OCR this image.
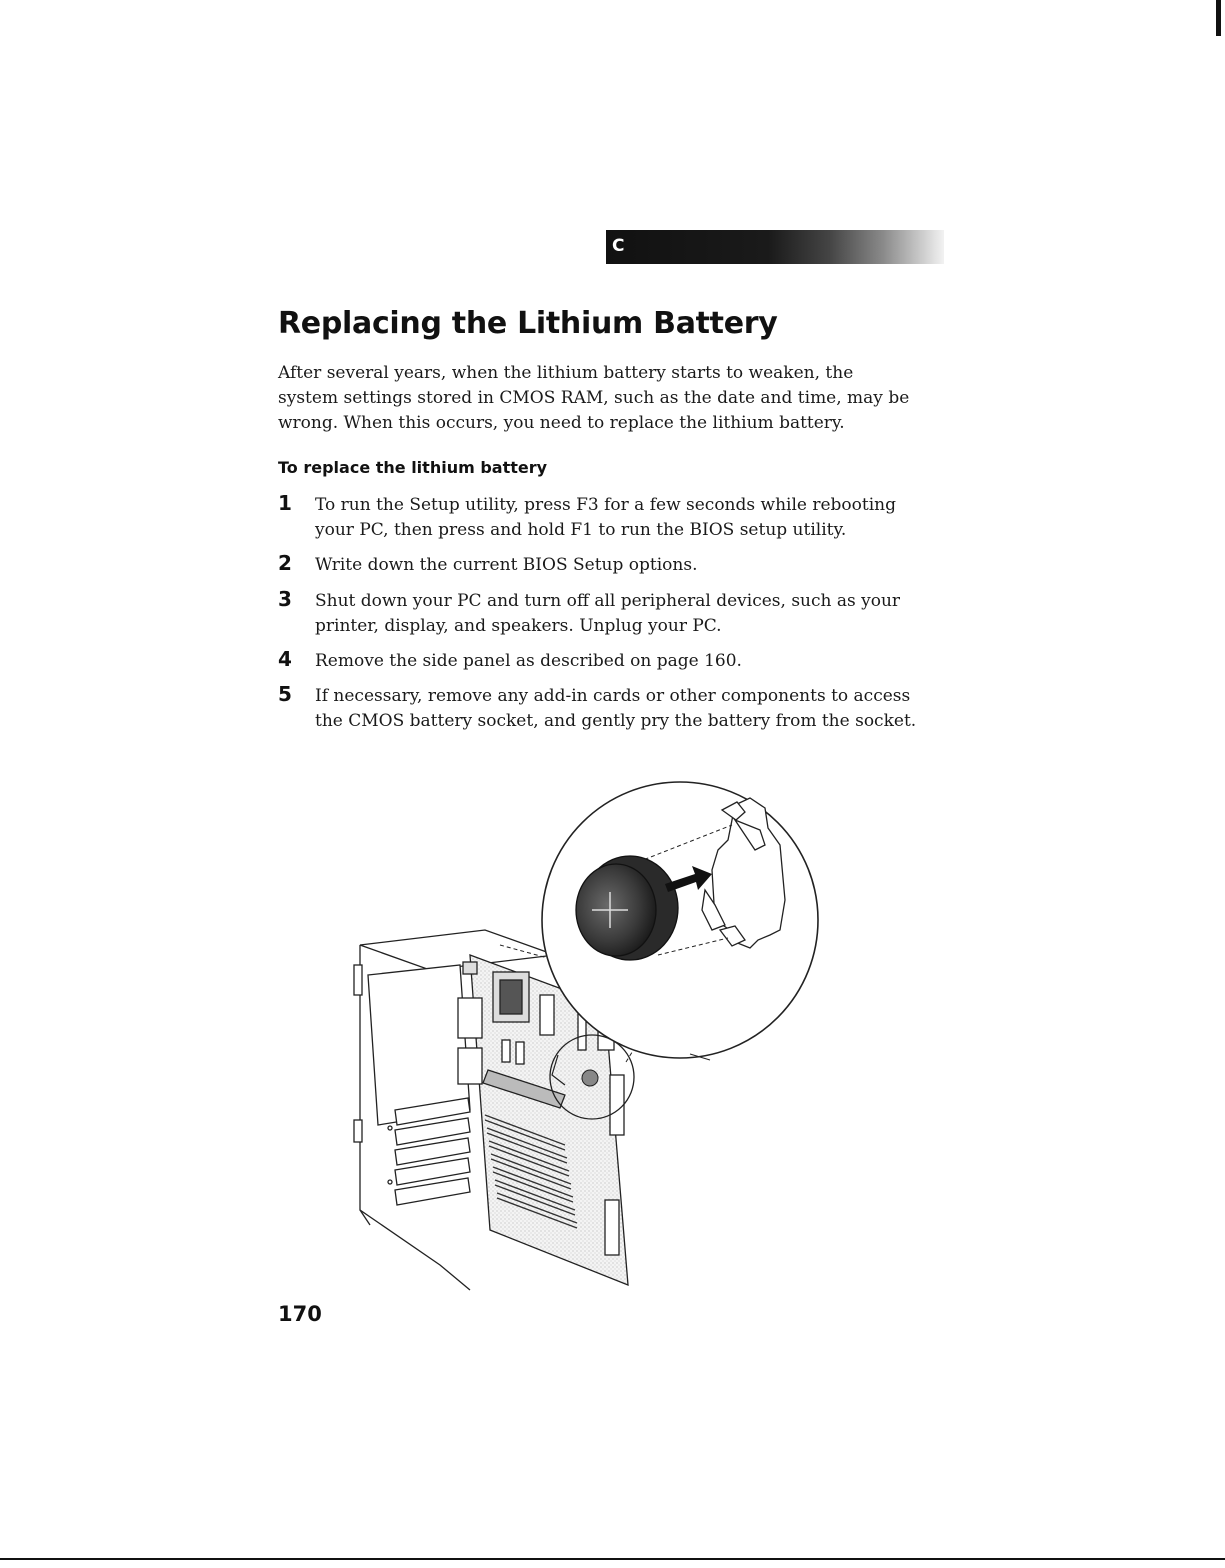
C
Replacing the Lithium Battery

After several years, when the lithium battery starts to weaken, the system settings stored in CMOS RAM, such as the date and time, may be wrong. When this occurs, you need to replace the lithium battery.

To replace the lithium battery
1 To run the Setup utility, press F3 for a few seconds while rebooting your PC, then press and hold F1 to run the BIOS setup utility.

2 Write down the current BIOS Setup options.

3 Shut down your PC and turn off all peripheral devices, such as your printer, display, and speakers. Unplug your PC.

4 Remove the side panel as described on page 160.

5 If necessary, remove any add-in cards or other components to access the CMOS battery socket, and gently pry the battery from the socket.

170
